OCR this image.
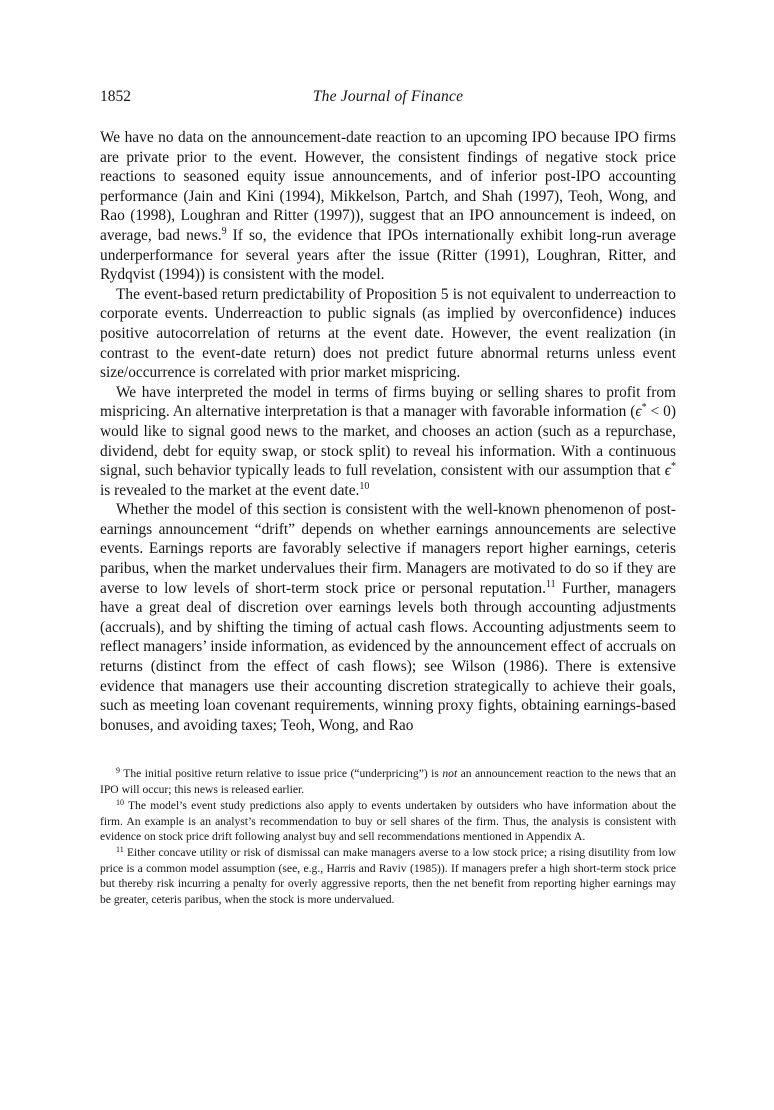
1852	The Journal of Finance

We have no data on the announcement-date reaction to an upcoming IPO because IPO firms are private prior to the event. However, the consistent findings of negative stock price reactions to seasoned equity issue announcements, and of inferior post-IPO accounting performance (Jain and Kini (1994), Mikkelson, Partch, and Shah (1997), Teoh, Wong, and Rao (1998), Loughran and Ritter (1997)), suggest that an IPO announcement is indeed, on average, bad news.$^9$ If so, the evidence that IPOs internationally exhibit long-run average underperformance for several years after the issue (Ritter (1991), Loughran, Ritter, and Rydqvist (1994)) is consistent with the model.

The event-based return predictability of Proposition 5 is not equivalent to underreaction to corporate events. Underreaction to public signals (as implied by overconfidence) induces positive autocorrelation of returns at the event date. However, the event realization (in contrast to the event-date return) does not predict future abnormal returns unless event size/occurrence is correlated with prior market mispricing.

We have interpreted the model in terms of firms buying or selling shares to profit from mispricing. An alternative interpretation is that a manager with favorable information (ϵ* < 0) would like to signal good news to the market, and chooses an action (such as a repurchase, dividend, debt for equity swap, or stock split) to reveal his information. With a continuous signal, such behavior typically leads to full revelation, consistent with our assumption that ϵ* is revealed to the market at the event date.$^{10}$

Whether the model of this section is consistent with the well-known phenomenon of post-earnings announcement “drift” depends on whether earnings announcements are selective events. Earnings reports are favorably selective if managers report higher earnings, ceteris paribus, when the market undervalues their firm. Managers are motivated to do so if they are averse to low levels of short-term stock price or personal reputation.$^{11}$ Further, managers have a great deal of discretion over earnings levels both through accounting adjustments (accruals), and by shifting the timing of actual cash flows. Accounting adjustments seem to reflect managers’ inside information, as evidenced by the announcement effect of accruals on returns (distinct from the effect of cash flows); see Wilson (1986). There is extensive evidence that managers use their accounting discretion strategically to achieve their goals, such as meeting loan covenant requirements, winning proxy fights, obtaining earnings-based bonuses, and avoiding taxes; Teoh, Wong, and Rao

$^9$ The initial positive return relative to issue price (“underpricing”) is not an announcement reaction to the news that an IPO will occur; this news is released earlier.

$^{10}$ The model’s event study predictions also apply to events undertaken by outsiders who have information about the firm. An example is an analyst’s recommendation to buy or sell shares of the firm. Thus, the analysis is consistent with evidence on stock price drift following analyst buy and sell recommendations mentioned in Appendix A.

$^{11}$ Either concave utility or risk of dismissal can make managers averse to a low stock price; a rising disutility from low price is a common model assumption (see, e.g., Harris and Raviv (1985)). If managers prefer a high short-term stock price but thereby risk incurring a penalty for overly aggressive reports, then the net benefit from reporting higher earnings may be greater, ceteris paribus, when the stock is more undervalued.
